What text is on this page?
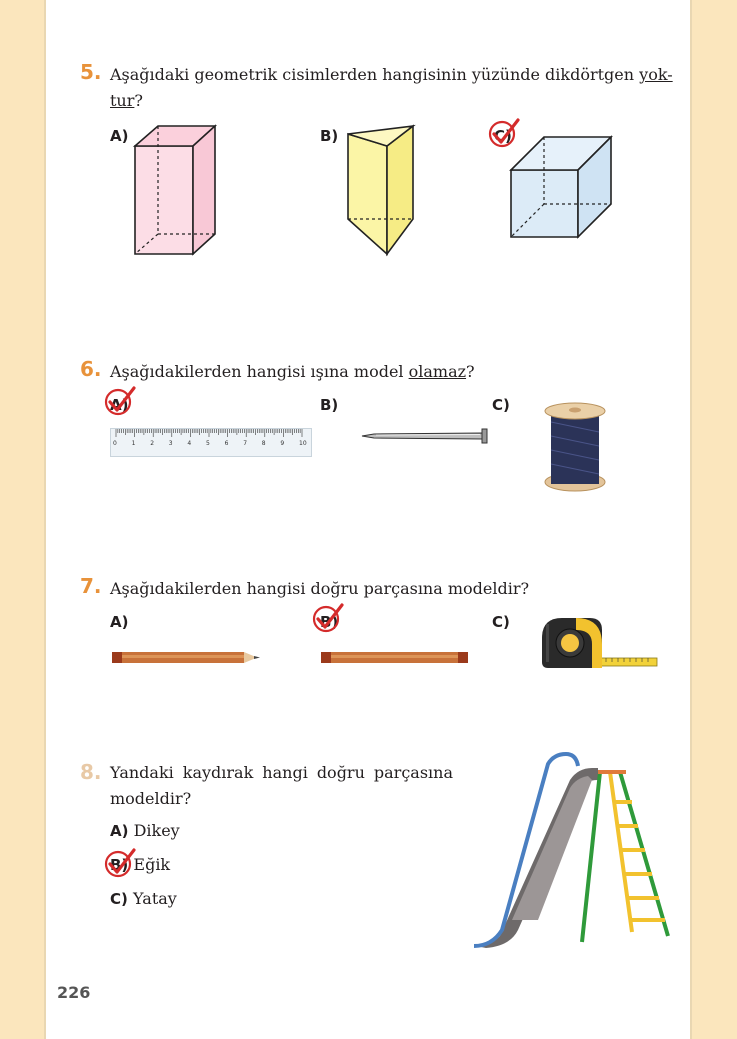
5. Aşağıdaki geometrik cisimlerden hangisinin yüzünde dikdörtgen yok-
tur?
A)	B)	C)
6. Aşağıdakilerden hangisi ışına model olamaz?
A)	B)	C)
0 1 2 3 4 5 6 7 8 9 10
7. Aşağıdakilerden hangisi doğru parçasına modeldir?
A)	B)	C)
8. Yandaki kaydırak hangi doğru parçasına
modeldir?
A) Dikey
B) Eğik
C) Yatay
226
